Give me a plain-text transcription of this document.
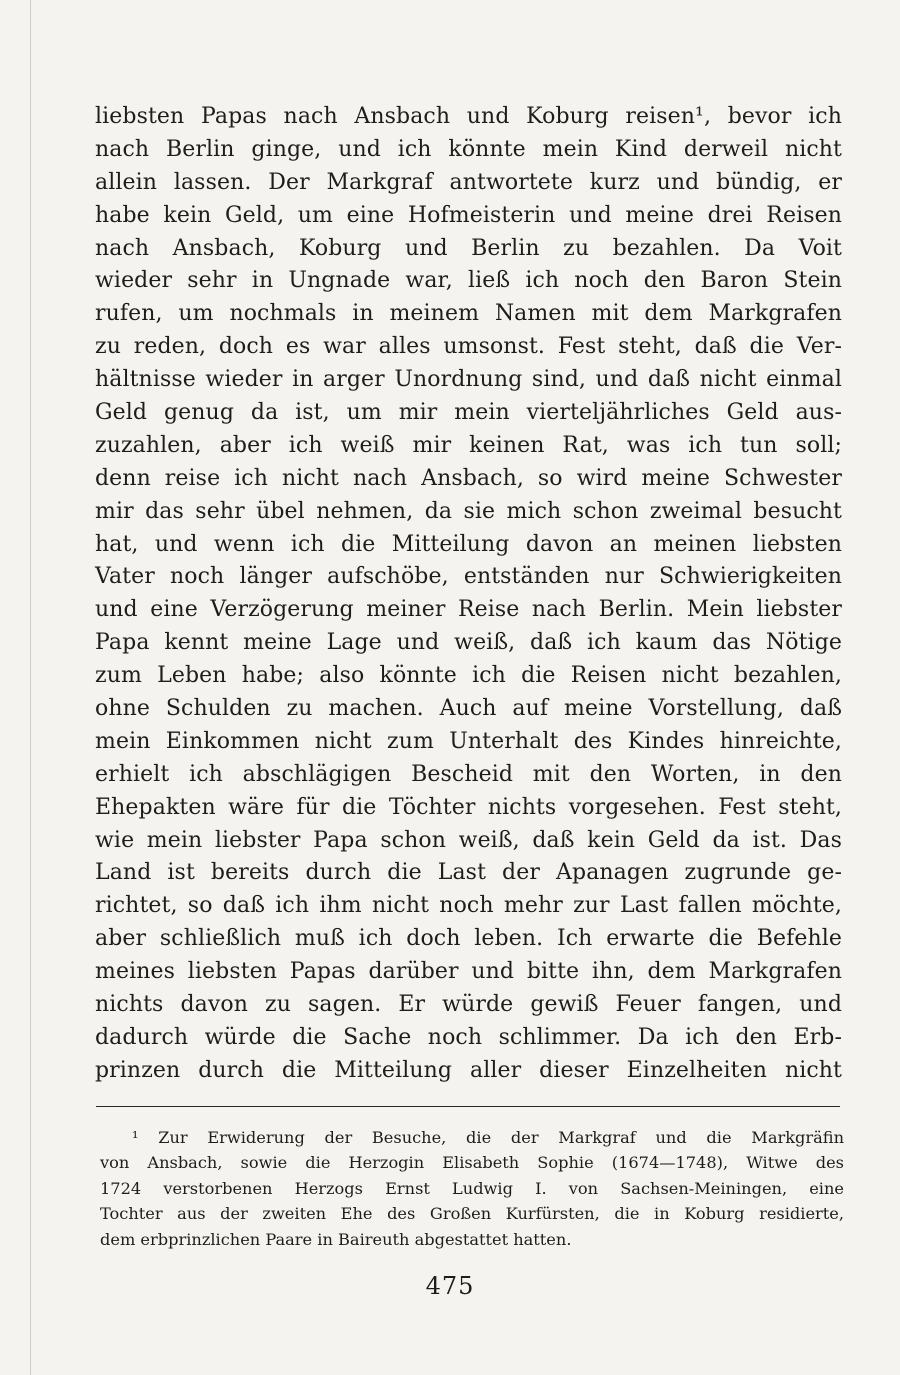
liebsten Papas nach Ansbach und Koburg reisen¹, bevor ich
nach Berlin ginge, und ich könnte mein Kind derweil nicht
allein lassen. Der Markgraf antwortete kurz und bündig, er
habe kein Geld, um eine Hofmeisterin und meine drei Reisen
nach Ansbach, Koburg und Berlin zu bezahlen. Da Voit
wieder sehr in Ungnade war, ließ ich noch den Baron Stein
rufen, um nochmals in meinem Namen mit dem Markgrafen
zu reden, doch es war alles umsonst. Fest steht, daß die Ver-
hältnisse wieder in arger Unordnung sind, und daß nicht einmal
Geld genug da ist, um mir mein vierteljährliches Geld aus-
zuzahlen, aber ich weiß mir keinen Rat, was ich tun soll;
denn reise ich nicht nach Ansbach, so wird meine Schwester
mir das sehr übel nehmen, da sie mich schon zweimal besucht
hat, und wenn ich die Mitteilung davon an meinen liebsten
Vater noch länger aufschöbe, entständen nur Schwierigkeiten
und eine Verzögerung meiner Reise nach Berlin. Mein liebster
Papa kennt meine Lage und weiß, daß ich kaum das Nötige
zum Leben habe; also könnte ich die Reisen nicht bezahlen,
ohne Schulden zu machen. Auch auf meine Vorstellung, daß
mein Einkommen nicht zum Unterhalt des Kindes hinreichte,
erhielt ich abschlägigen Bescheid mit den Worten, in den
Ehepakten wäre für die Töchter nichts vorgesehen. Fest steht,
wie mein liebster Papa schon weiß, daß kein Geld da ist. Das
Land ist bereits durch die Last der Apanagen zugrunde ge-
richtet, so daß ich ihm nicht noch mehr zur Last fallen möchte,
aber schließlich muß ich doch leben. Ich erwarte die Befehle
meines liebsten Papas darüber und bitte ihn, dem Markgrafen
nichts davon zu sagen. Er würde gewiß Feuer fangen, und
dadurch würde die Sache noch schlimmer. Da ich den Erb-
prinzen durch die Mitteilung aller dieser Einzelheiten nicht
¹ Zur Erwiderung der Besuche, die der Markgraf und die Markgräfin
von Ansbach, sowie die Herzogin Elisabeth Sophie (1674—1748), Witwe des
1724 verstorbenen Herzogs Ernst Ludwig I. von Sachsen-Meiningen, eine
Tochter aus der zweiten Ehe des Großen Kurfürsten, die in Koburg residierte,
dem erbprinzlichen Paare in Baireuth abgestattet hatten.
475
